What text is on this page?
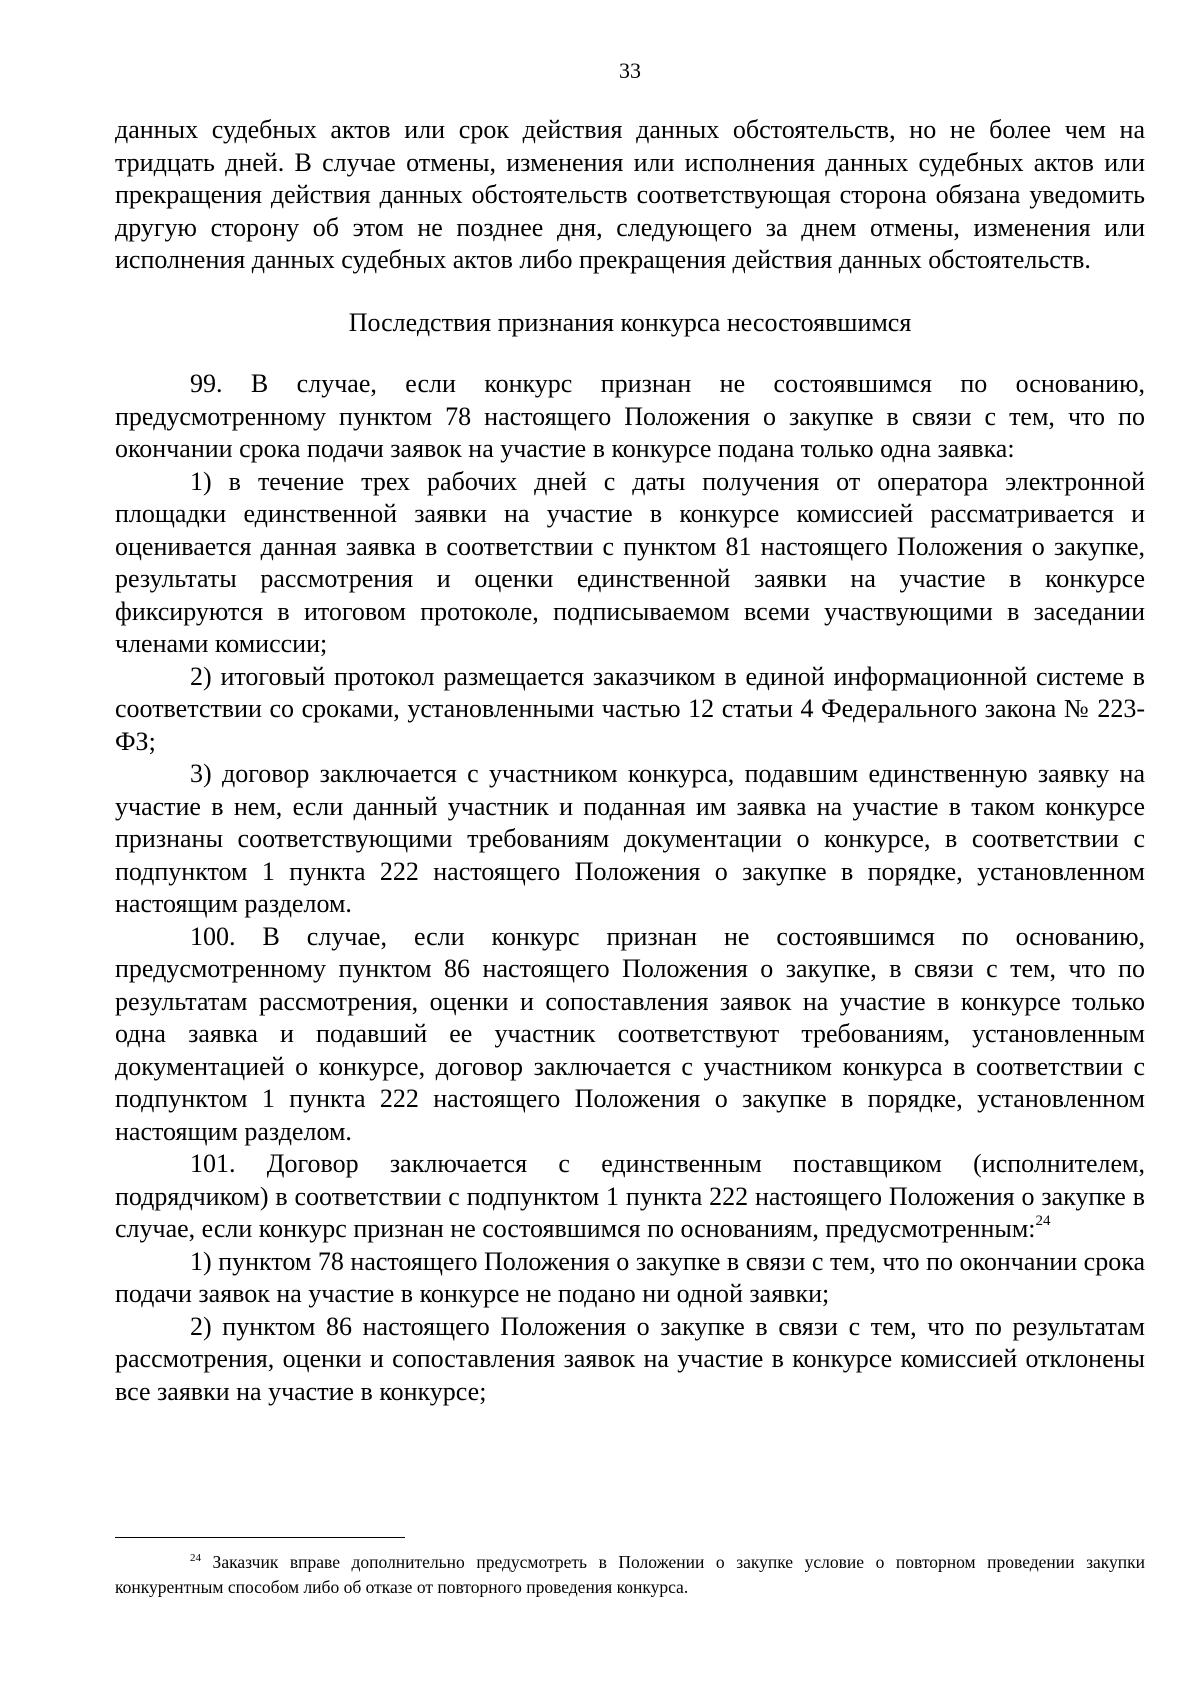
33

данных судебных актов или срок действия данных обстоятельств, но не более чем на тридцать дней. В случае отмены, изменения или исполнения данных судебных актов или прекращения действия данных обстоятельств соответствующая сторона обязана уведомить другую сторону об этом не позднее дня, следующего за днем отмены, изменения или исполнения данных судебных актов либо прекращения действия данных обстоятельств.

Последствия признания конкурса несостоявшимся

99. В случае, если конкурс признан не состоявшимся по основанию, предусмотренному пунктом 78 настоящего Положения о закупке в связи с тем, что по окончании срока подачи заявок на участие в конкурсе подана только одна заявка:

1) в течение трех рабочих дней с даты получения от оператора электронной площадки единственной заявки на участие в конкурсе комиссией рассматривается и оценивается данная заявка в соответствии с пунктом 81 настоящего Положения о закупке, результаты рассмотрения и оценки единственной заявки на участие в конкурсе фиксируются в итоговом протоколе, подписываемом всеми участвующими в заседании членами комиссии;

2) итоговый протокол размещается заказчиком в единой информационной системе в соответствии со сроками, установленными частью 12 статьи 4 Федерального закона № 223-ФЗ;

3) договор заключается с участником конкурса, подавшим единственную заявку на участие в нем, если данный участник и поданная им заявка на участие в таком конкурсе признаны соответствующими требованиям документации о конкурсе, в соответствии с подпунктом 1 пункта 222 настоящего Положения о закупке в порядке, установленном настоящим разделом.

100. В случае, если конкурс признан не состоявшимся по основанию, предусмотренному пунктом 86 настоящего Положения о закупке, в связи с тем, что по результатам рассмотрения, оценки и сопоставления заявок на участие в конкурсе только одна заявка и подавший ее участник соответствуют требованиям, установленным документацией о конкурсе, договор заключается с участником конкурса в соответствии с подпунктом 1 пункта 222 настоящего Положения о закупке в порядке, установленном настоящим разделом.

101. Договор заключается с единственным поставщиком (исполнителем, подрядчиком) в соответствии с подпунктом 1 пункта 222 настоящего Положения о закупке в случае, если конкурс признан не состоявшимся по основаниям, предусмотренным:$^{24}$

1) пунктом 78 настоящего Положения о закупке в связи с тем, что по окончании срока подачи заявок на участие в конкурсе не подано ни одной заявки;

2) пунктом 86 настоящего Положения о закупке в связи с тем, что по результатам рассмотрения, оценки и сопоставления заявок на участие в конкурсе комиссией отклонены все заявки на участие в конкурсе;

$^{24}$ Заказчик вправе дополнительно предусмотреть в Положении о закупке условие о повторном проведении закупки конкурентным способом либо об отказе от повторного проведения конкурса.
